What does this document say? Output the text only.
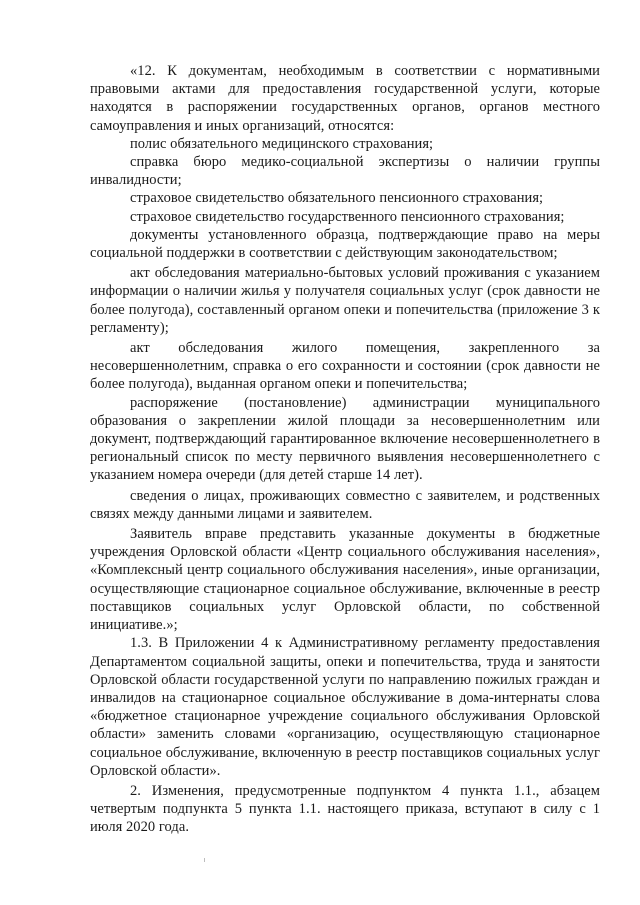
«12. К документам, необходимым в соответствии с нормативными правовыми актами для предоставления государственной услуги, которые находятся в распоряжении государственных органов, органов местного самоуправления и иных организаций, относятся:

полис обязательного медицинского страхования;

справка бюро медико-социальной экспертизы о наличии группы инвалидности;

страховое свидетельство обязательного пенсионного страхования;

страховое свидетельство государственного пенсионного страхования;

документы установленного образца, подтверждающие право на меры социальной поддержки в соответствии с действующим законодательством;

акт обследования материально-бытовых условий проживания с указанием информации о наличии жилья у получателя социальных услуг (срок давности не более полугода), составленный органом опеки и попечительства (приложение 3 к регламенту);

акт обследования жилого помещения, закрепленного за несовершеннолетним, справка о его сохранности и состоянии (срок давности не более полугода), выданная органом опеки и попечительства;

распоряжение (постановление) администрации муниципального образования о закреплении жилой площади за несовершеннолетним или документ, подтверждающий гарантированное включение несовершеннолетнего в региональный список по месту первичного выявления несовершеннолетнего с указанием номера очереди (для детей старше 14 лет).

сведения о лицах, проживающих совместно с заявителем, и родственных связях между данными лицами и заявителем.

Заявитель вправе представить указанные документы в бюджетные учреждения Орловской области «Центр социального обслуживания населения», «Комплексный центр социального обслуживания населения», иные организации, осуществляющие стационарное социальное обслуживание, включенные в реестр поставщиков социальных услуг Орловской области, по собственной инициативе.»;

1.3. В Приложении 4 к Административному регламенту предоставления Департаментом социальной защиты, опеки и попечительства, труда и занятости Орловской области государственной услуги по направлению пожилых граждан и инвалидов на стационарное социальное обслуживание в дома-интернаты слова «бюджетное стационарное учреждение социального обслуживания Орловской области» заменить словами «организацию, осуществляющую стационарное социальное обслуживание, включенную в реестр поставщиков социальных услуг Орловской области».

2. Изменения, предусмотренные подпунктом 4 пункта 1.1., абзацем четвертым подпункта 5 пункта 1.1. настоящего приказа, вступают в силу с 1 июля 2020 года.
